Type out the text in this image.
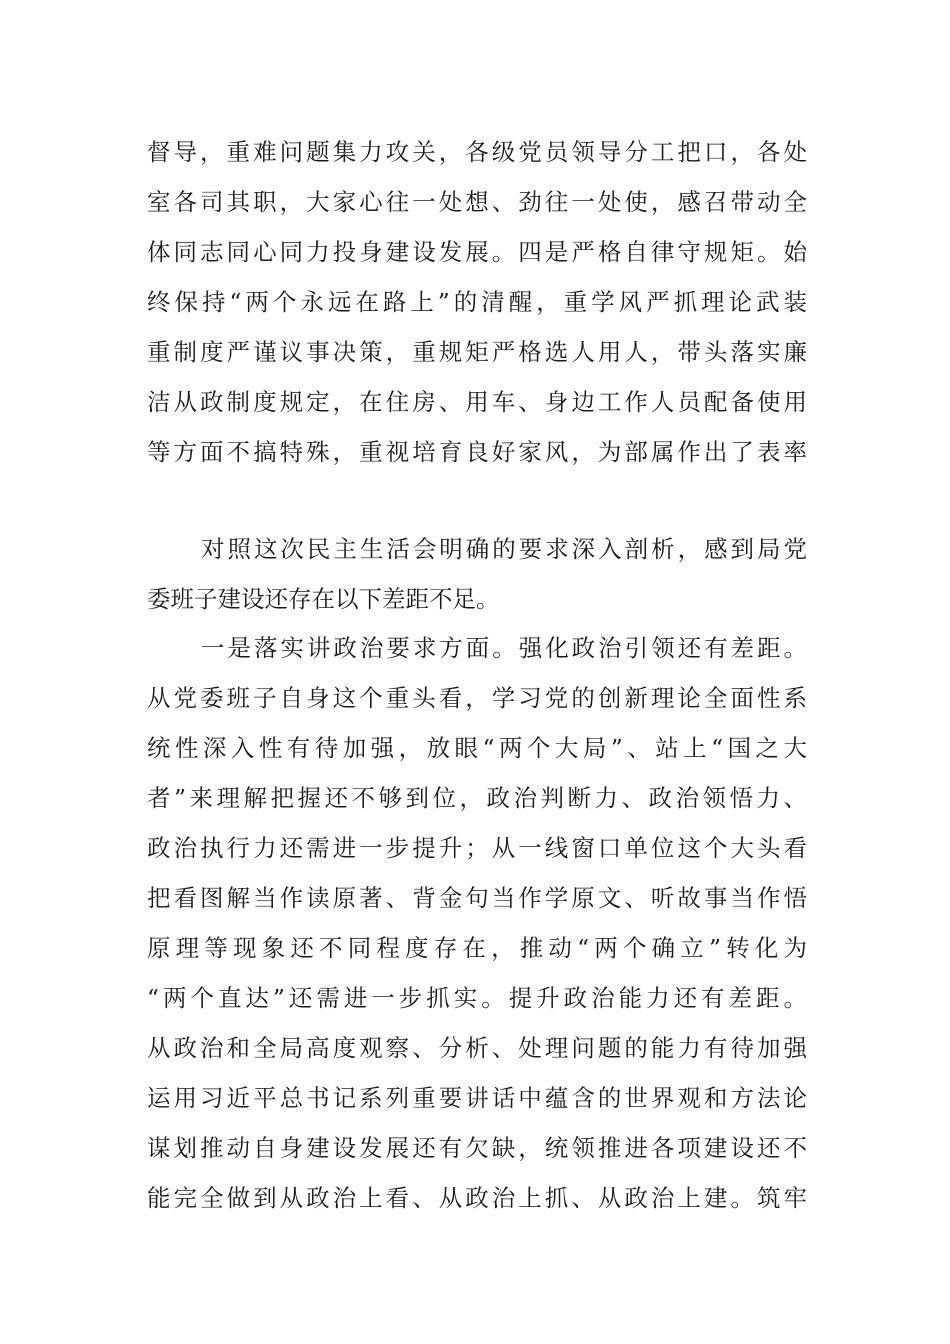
督导，重难问题集力攻关，各级党员领导分工把口，各处
室各司其职，大家心往一处想、劲往一处使，感召带动全
体同志同心同力投身建设发展。四是严格自律守规矩。始
终保持“两个永远在路上”的清醒，重学风严抓理论武装
重制度严谨议事决策，重规矩严格选人用人，带头落实廉
洁从政制度规定，在住房、用车、身边工作人员配备使用
等方面不搞特殊，重视培育良好家风，为部属作出了表率
对照这次民主生活会明确的要求深入剖析，感到局党
委班子建设还存在以下差距不足。
一是落实讲政治要求方面。强化政治引领还有差距。
从党委班子自身这个重头看，学习党的创新理论全面性系
统性深入性有待加强，放眼“两个大局”、站上“国之大
者”来理解把握还不够到位，政治判断力、政治领悟力、
政治执行力还需进一步提升；从一线窗口单位这个大头看
把看图解当作读原著、背金句当作学原文、听故事当作悟
原理等现象还不同程度存在，推动“两个确立”转化为
“两个直达”还需进一步抓实。提升政治能力还有差距。
从政治和全局高度观察、分析、处理问题的能力有待加强
运用习近平总书记系列重要讲话中蕴含的世界观和方法论
谋划推动自身建设发展还有欠缺，统领推进各项建设还不
能完全做到从政治上看、从政治上抓、从政治上建。筑牢
